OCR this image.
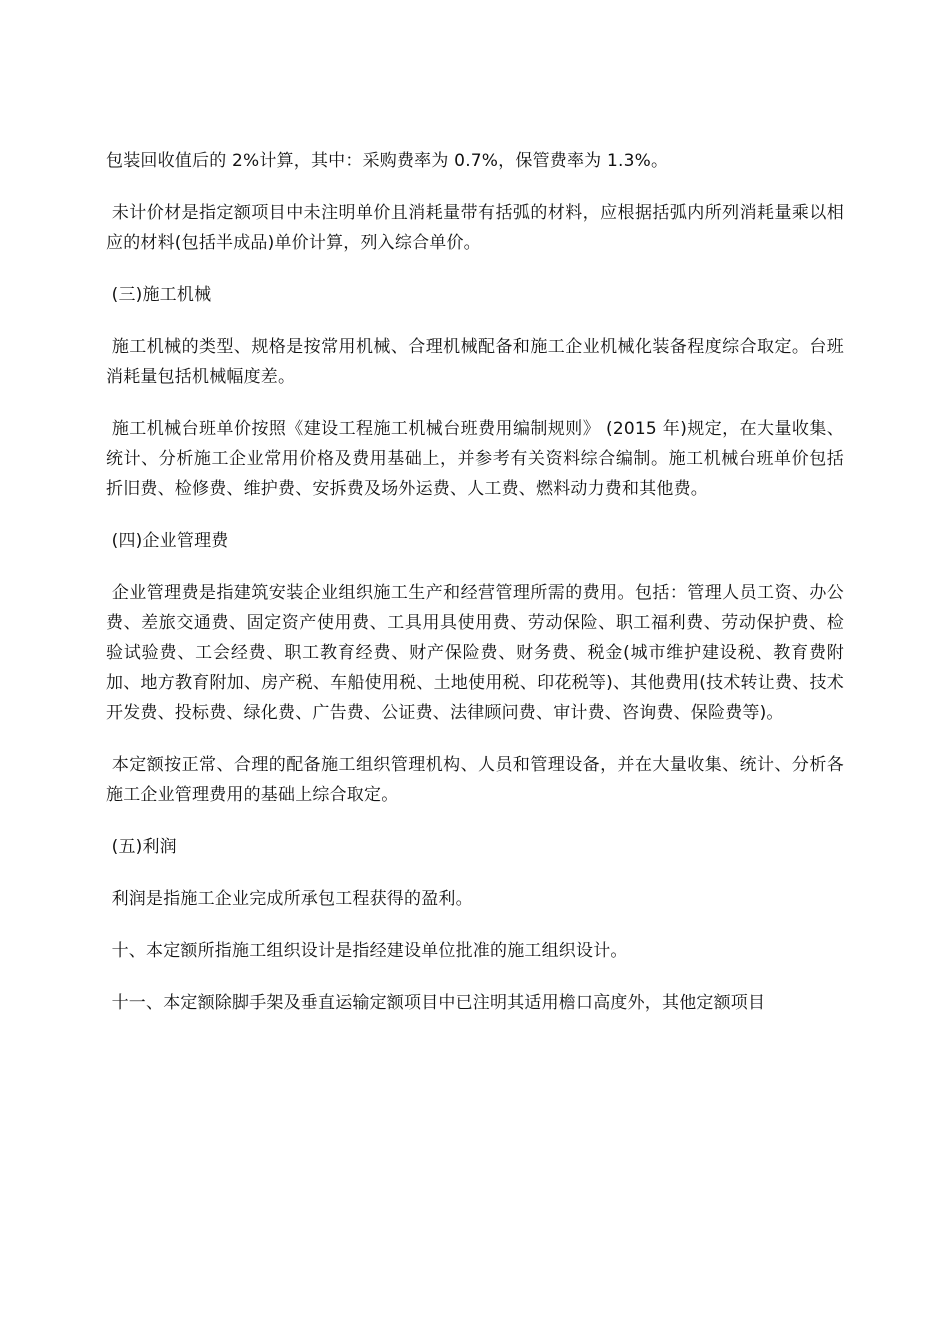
包装回收值后的 2%计算，其中：采购费率为 0.7%，保管费率为 1.3%。

未计价材是指定额项目中未注明单价且消耗量带有括弧的材料，应根据括弧内所列消耗量乘以相应的材料(包括半成品)单价计算，列入综合单价。

(三)施工机械

施工机械的类型、规格是按常用机械、合理机械配备和施工企业机械化装备程度综合取定。台班消耗量包括机械幅度差。

施工机械台班单价按照《建设工程施工机械台班费用编制规则》 (2015 年)规定，在大量收集、统计、分析施工企业常用价格及费用基础上，并参考有关资料综合编制。施工机械台班单价包括折旧费、检修费、维护费、安拆费及场外运费、人工费、燃料动力费和其他费。

(四)企业管理费

企业管理费是指建筑安装企业组织施工生产和经营管理所需的费用。包括：管理人员工资、办公费、差旅交通费、固定资产使用费、工具用具使用费、劳动保险、职工福利费、劳动保护费、检验试验费、工会经费、职工教育经费、财产保险费、财务费、税金(城市维护建设税、教育费附加、地方教育附加、房产税、车船使用税、土地使用税、印花税等)、其他费用(技术转让费、技术开发费、投标费、绿化费、广告费、公证费、法律顾问费、审计费、咨询费、保险费等)。

本定额按正常、合理的配备施工组织管理机构、人员和管理设备，并在大量收集、统计、分析各施工企业管理费用的基础上综合取定。

(五)利润

利润是指施工企业完成所承包工程获得的盈利。

十、本定额所指施工组织设计是指经建设单位批准的施工组织设计。

十一、本定额除脚手架及垂直运输定额项目中已注明其适用檐口高度外，其他定额项目
